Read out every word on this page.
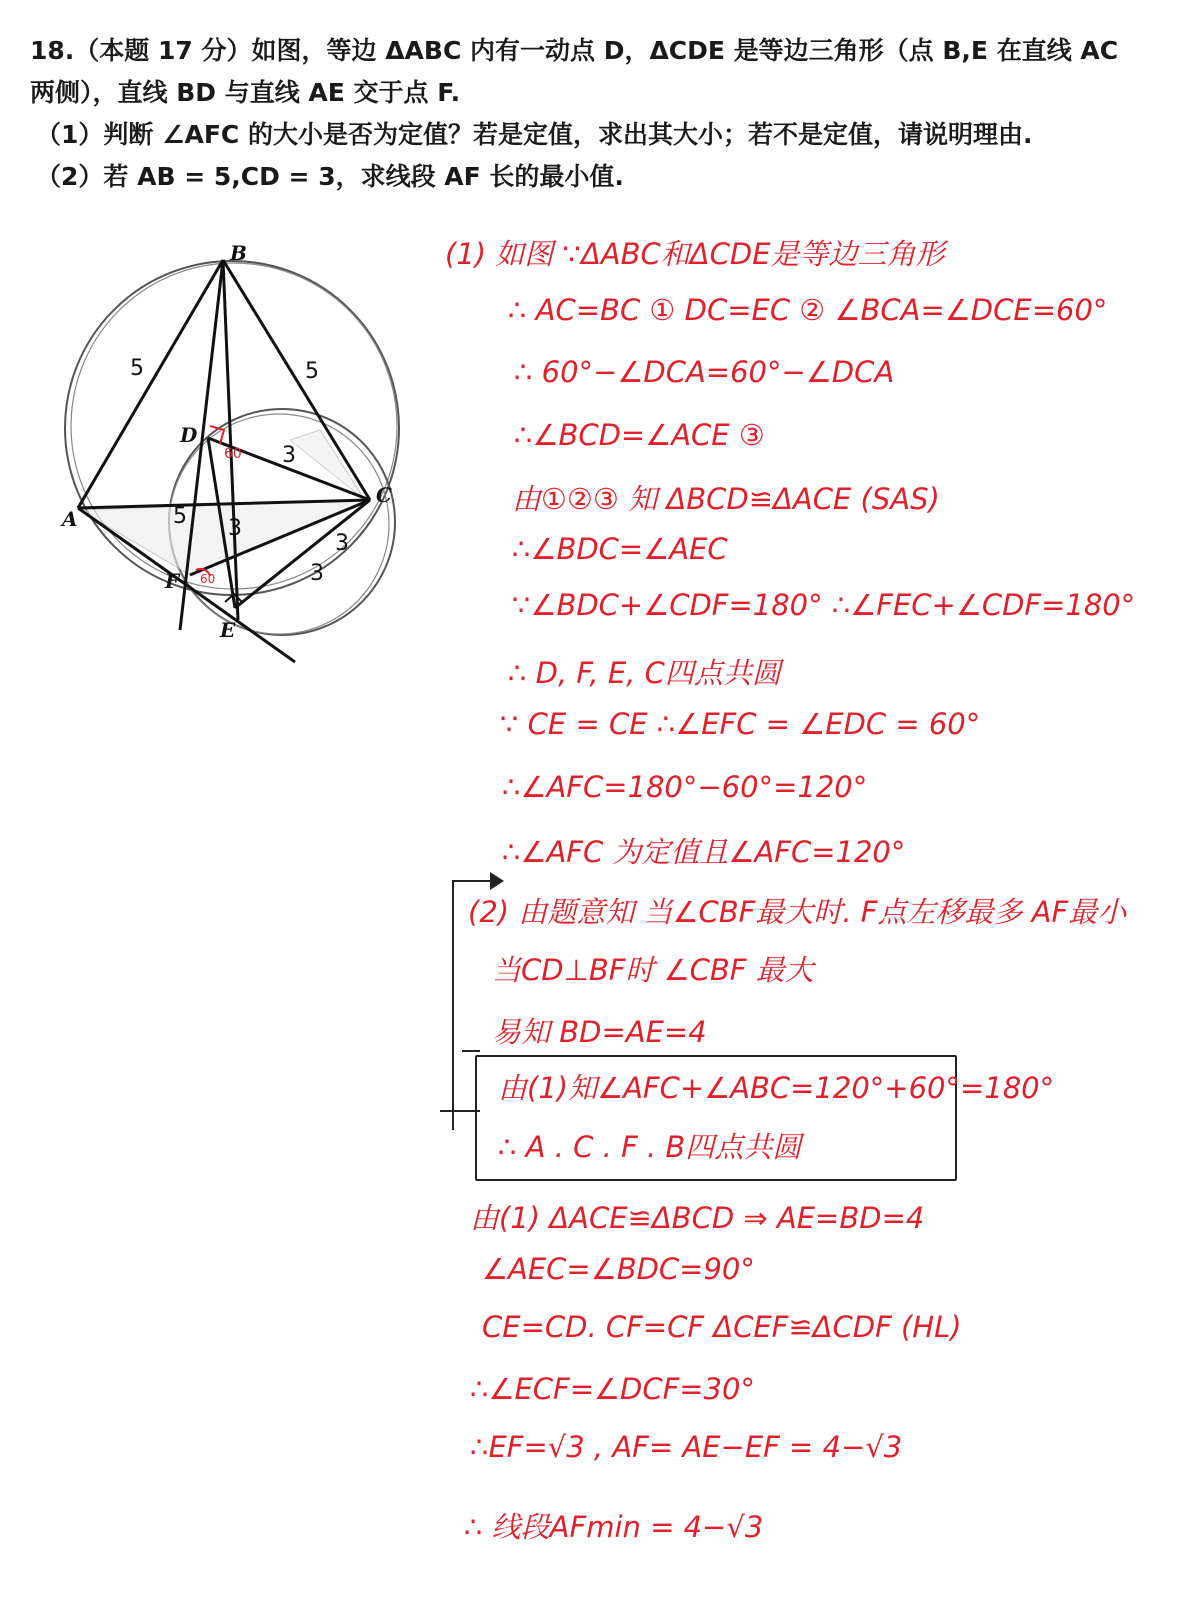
18.（本题 17 分）如图，等边 ΔABC 内有一动点 D，ΔCDE 是等边三角形（点 B,E 在直线 AC
两侧），直线 BD 与直线 AE 交于点 F.
（1）判断 ∠AFC 的大小是否为定值？若是定值，求出其大小；若不是定值，请说明理由.
（2）若 AB = 5,CD = 3，求线段 AF 长的最小值.
60
60
A
B
C
D
E
F
5	5
3
5 3
3
3
(1) 如图 ∵ΔABC和ΔCDE是等边三角形
∴ AC=BC ① DC=EC ② ∠BCA=∠DCE=60°
∴ 60°−∠DCA=60°−∠DCA
∴∠BCD=∠ACE ③
由①②③ 知 ΔBCD≌ΔACE (SAS)
∴∠BDC=∠AEC
∵∠BDC+∠CDF=180° ∴∠FEC+∠CDF=180°
∴ D, F, E, C四点共圆
∵ CE = CE ∴∠EFC = ∠EDC = 60°
∴∠AFC=180°−60°=120°
∴∠AFC 为定值且∠AFC=120°
(2) 由题意知 当∠CBF最大时. F点左移最多 AF最小
当CD⊥BF时 ∠CBF 最大
易知 BD=AE=4
由(1)知∠AFC+∠ABC=120°+60°=180°
∴ A . C . F . B四点共圆
由(1) ΔACE≌ΔBCD ⇒ AE=BD=4
∠AEC=∠BDC=90°
CE=CD. CF=CF ΔCEF≌ΔCDF (HL)
∴∠ECF=∠DCF=30°
∴EF=√3 , AF= AE−EF = 4−√3
∴ 线段AFmin = 4−√3
